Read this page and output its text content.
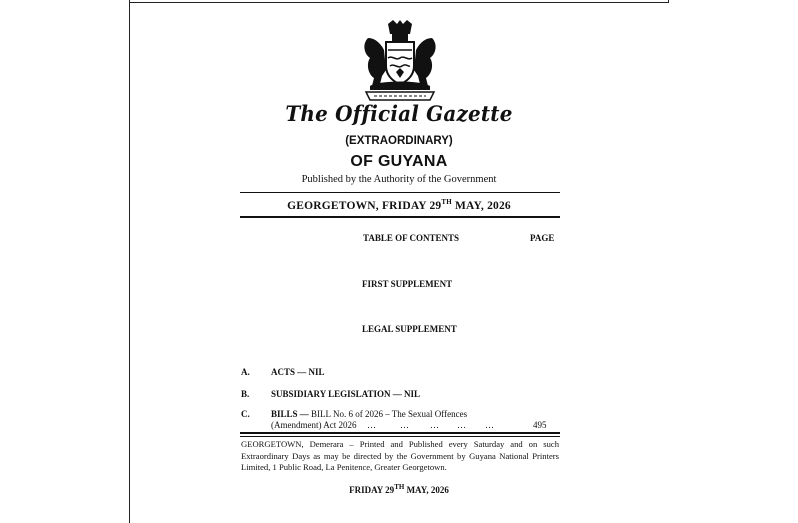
The Official Gazette
(EXTRAORDINARY)
OF GUYANA
Published by the Authority of the Government
GEORGETOWN, FRIDAY 29TH MAY, 2026
TABLE OF CONTENTS	PAGE
FIRST SUPPLEMENT
LEGAL SUPPLEMENT
A. ACTS — NIL
B. SUBSIDIARY LEGISLATION — NIL
C. BILLS — BILL No. 6 of 2026 – The Sexual Offences
(Amendment) Act 2026 …	… … … …	495
GEORGETOWN, Demerara – Printed and Published every Saturday and on such Extraordinary Days as may be directed by the Government by Guyana National Printers Limited, 1 Public Road, La Penitence, Greater Georgetown.
FRIDAY 29TH MAY, 2026
